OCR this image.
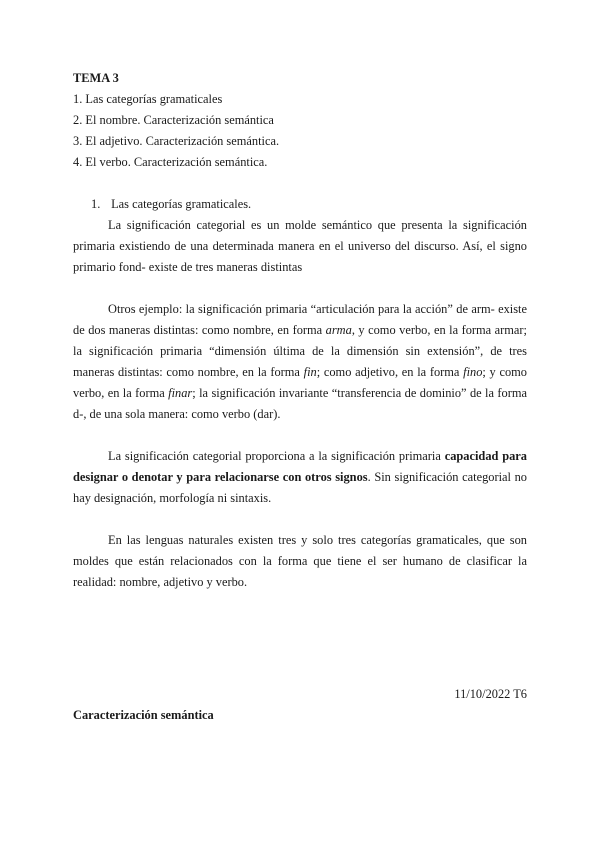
TEMA 3
1. Las categorías gramaticales
2. El nombre. Caracterización semántica
3. El adjetivo. Caracterización semántica.
4. El verbo. Caracterización semántica.
1. Las categorías gramaticales.

La significación categorial es un molde semántico que presenta la significación primaria existiendo de una determinada manera en el universo del discurso. Así, el signo primario fond- existe de tres maneras distintas

Otros ejemplo: la significación primaria “articulación para la acción” de arm- existe de dos maneras distintas: como nombre, en forma arma, y como verbo, en la forma armar; la significación primaria “dimensión última de la dimensión sin extensión”, de tres maneras distintas: como nombre, en la forma fin; como adjetivo, en la forma fino; y como verbo, en la forma finar; la significación invariante “transferencia de dominio” de la forma d-, de una sola manera: como verbo (dar).

La significación categorial proporciona a la significación primaria capacidad para designar o denotar y para relacionarse con otros signos. Sin significación categorial no hay designación, morfología ni sintaxis.

En las lenguas naturales existen tres y solo tres categorías gramaticales, que son moldes que están relacionados con la forma que tiene el ser humano de clasificar la realidad: nombre, adjetivo y verbo.

11/10/2022 T6
Caracterización semántica
